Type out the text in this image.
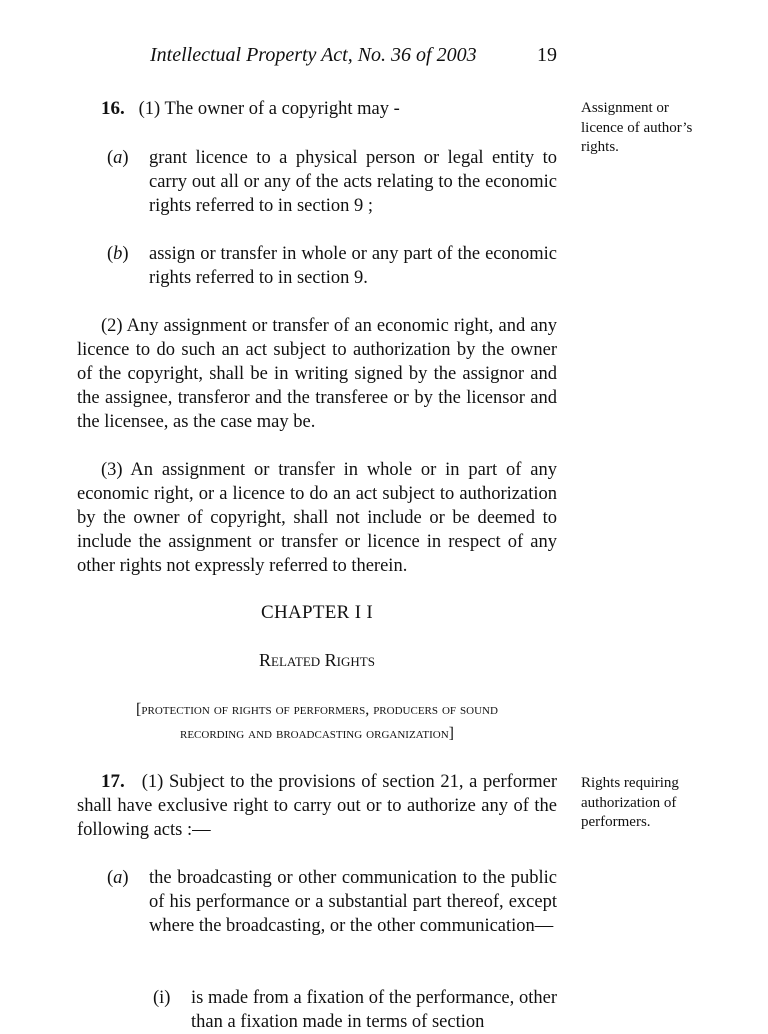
Intellectual Property Act, No. 36 of 2003	19
16. (1) The owner of a copyright may -	Assignment or licence of author’s rights.
(a) grant licence to a physical person or legal entity to carry out all or any of the acts relating to the economic rights referred to in section 9 ;
(b) assign or transfer in whole or any part of the economic rights referred to in section 9.
(2) Any assignment or transfer of an economic right, and any licence to do such an act subject to authorization by the owner of the copyright, shall be in writing signed by the assignor and the assignee, transferor and the transferee or by the licensor and the licensee, as the case may be.
(3) An assignment or transfer in whole or in part of any economic right, or a licence to do an act subject to authorization by the owner of copyright, shall not include or be deemed to include the assignment or transfer or licence in respect of any other rights not expressly referred to therein.
CHAPTER I I
Related Rights
[protection of rights of performers, producers of sound
recording and broadcasting organization]
17. (1) Subject to the provisions of section 21, a performer shall have exclusive right to carry out or to authorize any of the following acts :—
Rights requiring authorization of performers.
(a) the broadcasting or other communication to the public of his performance or a substantial part thereof, except where the broadcasting, or the other communication—
(i) is made from a fixation of the performance, other than a fixation made in terms of section
